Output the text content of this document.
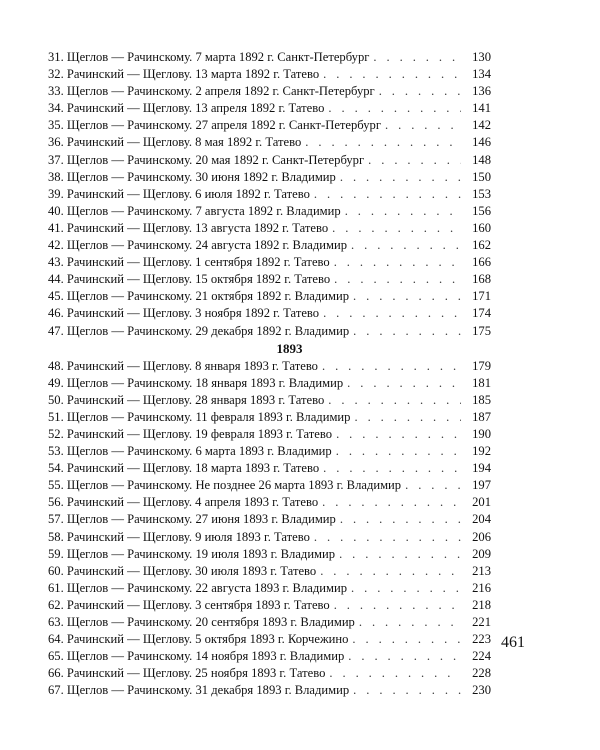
31. Щеглов — Рачинскому. 7 марта 1892 г. Санкт-Петербург . . .	130
32. Рачинский — Щеглову. 13 марта 1892 г. Татево . . .	134
33. Щеглов — Рачинскому. 2 апреля 1892 г. Санкт-Петербург . . .	136
34. Рачинский — Щеглову. 13 апреля 1892 г. Татево . . .	141
35. Щеглов — Рачинскому. 27 апреля 1892 г. Санкт-Петербург . . .	142
36. Рачинский — Щеглову. 8 мая 1892 г. Татево . . .	146
37. Щеглов — Рачинскому. 20 мая 1892 г. Санкт-Петербург . . .	148
38. Щеглов — Рачинскому. 30 июня 1892 г. Владимир . . .	150
39. Рачинский — Щеглову. 6 июля 1892 г. Татево . . .	153
40. Щеглов — Рачинскому. 7 августа 1892 г. Владимир . . .	156
41. Рачинский — Щеглову. 13 августа 1892 г. Татево . . .	160
42. Щеглов — Рачинскому. 24 августа 1892 г. Владимир . . .	162
43. Рачинский — Щеглову. 1 сентября 1892 г. Татево . . .	166
44. Рачинский — Щеглову. 15 октября 1892 г. Татево . . .	168
45. Щеглов — Рачинскому. 21 октября 1892 г. Владимир . . .	171
46. Рачинский — Щеглову. 3 ноября 1892 г. Татево . . .	174
47. Щеглов — Рачинскому. 29 декабря 1892 г. Владимир . . .	175
1893
48. Рачинский — Щеглову. 8 января 1893 г. Татево . . .	179
49. Щеглов — Рачинскому. 18 января 1893 г. Владимир . . .	181
50. Рачинский — Щеглову. 28 января 1893 г. Татево . . .	185
51. Щеглов — Рачинскому. 11 февраля 1893 г. Владимир . . .	187
52. Рачинский — Щеглову. 19 февраля 1893 г. Татево . . .	190
53. Щеглов — Рачинскому. 6 марта 1893 г. Владимир . . .	192
54. Рачинский — Щеглову. 18 марта 1893 г. Татево . . .	194
55. Щеглов — Рачинскому. Не позднее 26 марта 1893 г. Владимир . . .	197
56. Рачинский — Щеглову. 4 апреля 1893 г. Татево . . .	201
57. Щеглов — Рачинскому. 27 июня 1893 г. Владимир . . .	204
58. Рачинский — Щеглову. 9 июля 1893 г. Татево . . .	206
59. Щеглов — Рачинскому. 19 июля 1893 г. Владимир . . .	209
60. Рачинский — Щеглову. 30 июля 1893 г. Татево . . .	213
61. Щеглов — Рачинскому. 22 августа 1893 г. Владимир . . .	216
62. Рачинский — Щеглову. 3 сентября 1893 г. Татево . . .	218
63. Щеглов — Рачинскому. 20 сентября 1893 г. Владимир . . .	221
64. Рачинский — Щеглову. 5 октября 1893 г. Корчежино . . .	223
65. Щеглов — Рачинскому. 14 ноября 1893 г. Владимир . . .	224
66. Рачинский — Щеглову. 25 ноября 1893 г. Татево . . .	228
67. Щеглов — Рачинскому. 31 декабря 1893 г. Владимир . . .	230
461
